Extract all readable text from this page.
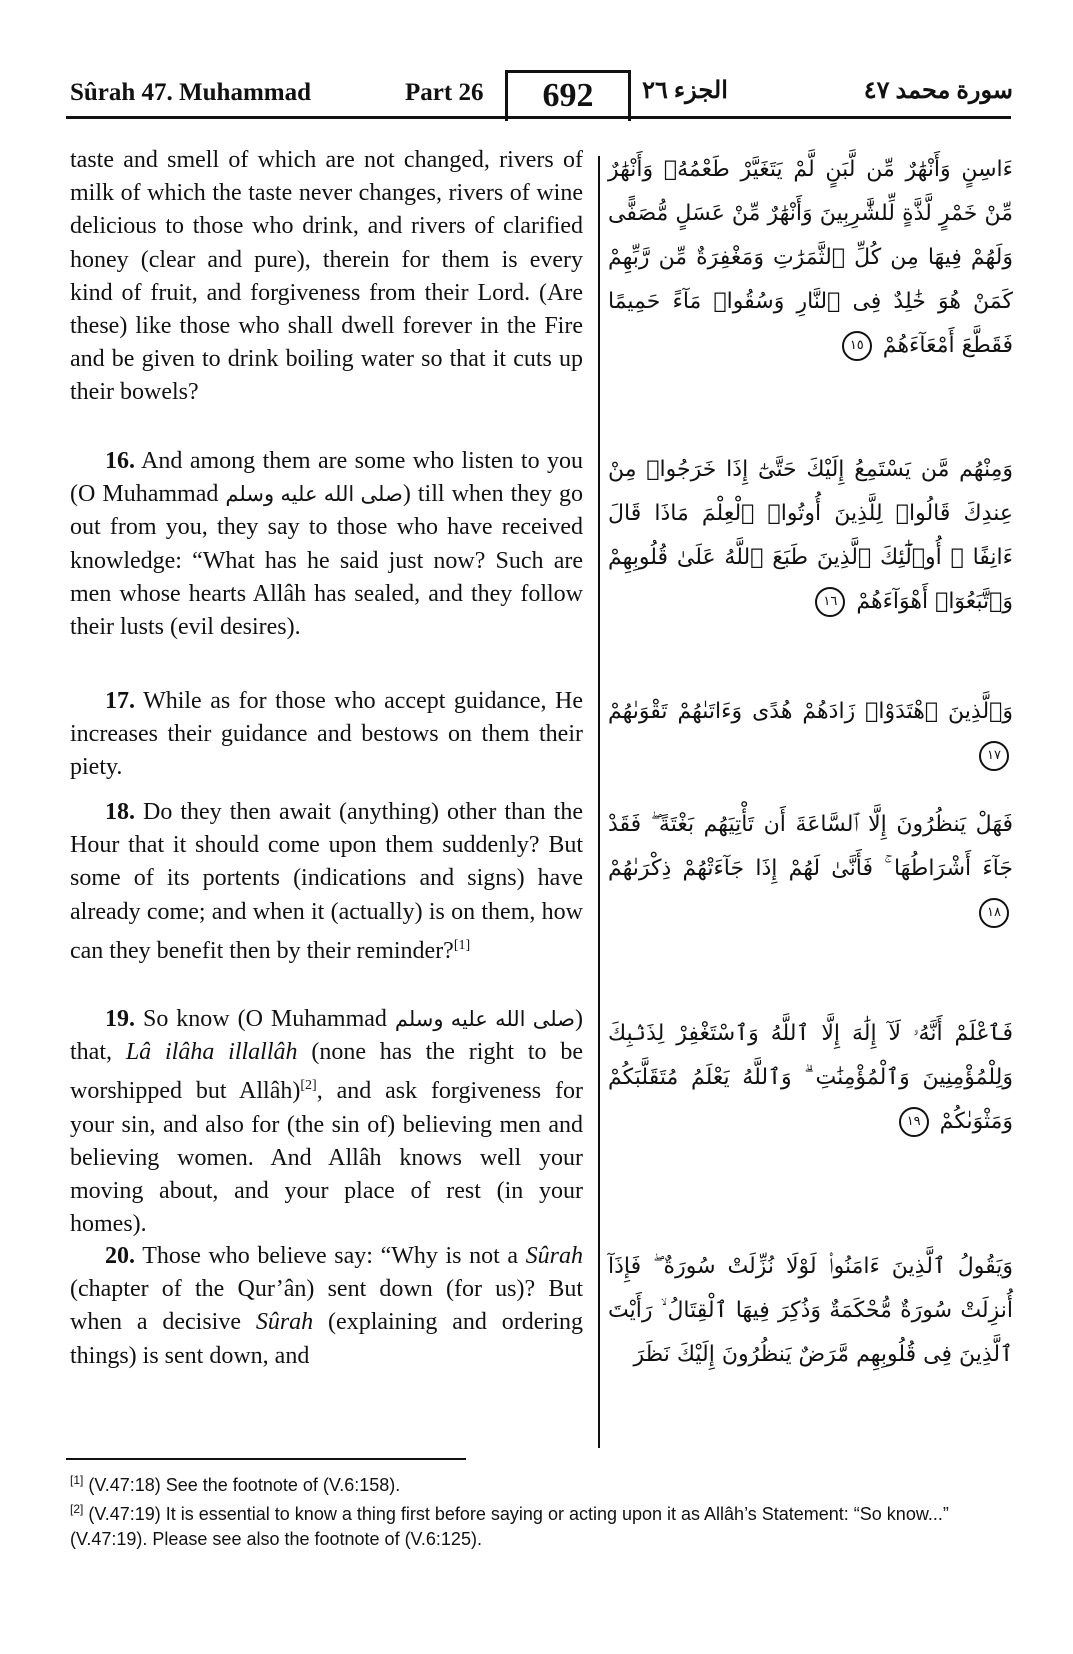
Sûrah 47. Muhammad	Part 26	692	الجزء ٢٦	سورة محمد ٤٧

taste and smell of which are not changed, rivers of milk of which the taste never changes, rivers of wine delicious to those who drink, and rivers of clarified honey (clear and pure), therein for them is every kind of fruit, and forgiveness from their Lord. (Are these) like those who shall dwell forever in the Fire and be given to drink boiling water so that it cuts up their bowels?

16. And among them are some who listen to you (O Muhammad صلى الله عليه وسلم) till when they go out from you, they say to those who have received knowledge: “What has he said just now? Such are men whose hearts Allâh has sealed, and they follow their lusts (evil desires).

17. While as for those who accept guidance, He increases their guidance and bestows on them their piety.

18. Do they then await (anything) other than the Hour that it should come upon them suddenly? But some of its portents (indications and signs) have already come; and when it (actually) is on them, how can they benefit then by their reminder?[1]

19. So know (O Muhammad صلى الله عليه وسلم) that, Lâ ilâha illallâh (none has the right to be worshipped but Allâh)[2], and ask forgiveness for your sin, and also for (the sin of) believing men and believing women. And Allâh knows well your moving about, and your place of rest (in your homes).

20. Those who believe say: “Why is not a Sûrah (chapter of the Qur’ân) sent down (for us)? But when a decisive Sûrah (explaining and ordering things) is sent down, and

ءَاسِنٍ وَأَنْهَٰرٌ مِّن لَّبَنٍ لَّمْ يَتَغَيَّرْ طَعْمُهُۥ وَأَنْهَٰرٌ مِّنْ خَمْرٍ لَّذَّةٍ لِّلشَّٰرِبِينَ وَأَنْهَٰرٌ مِّنْ عَسَلٍ مُّصَفًّى وَلَهُمْ فِيهَا مِن كُلِّ ٱلثَّمَرَٰتِ وَمَغْفِرَةٌ مِّن رَّبِّهِمْ كَمَنْ هُوَ خَٰلِدٌ فِى ٱلنَّارِ وَسُقُوا۟ مَآءً حَمِيمًا فَقَطَّعَ أَمْعَآءَهُمْ ١٥

وَمِنْهُم مَّن يَسْتَمِعُ إِلَيْكَ حَتَّىٰٓ إِذَا خَرَجُوا۟ مِنْ عِندِكَ قَالُوا۟ لِلَّذِينَ أُوتُوا۟ ٱلْعِلْمَ مَاذَا قَالَ ءَانِفًا ۚ أُو۟لَٰٓئِكَ ٱلَّذِينَ طَبَعَ ٱللَّهُ عَلَىٰ قُلُوبِهِمْ وَٱتَّبَعُوٓا۟ أَهْوَآءَهُمْ ١٦

وَٱلَّذِينَ ٱهْتَدَوْا۟ زَادَهُمْ هُدًى وَءَاتَىٰهُمْ تَقْوَىٰهُمْ ١٧

فَهَلْ يَنظُرُونَ إِلَّا ٱلسَّاعَةَ أَن تَأْتِيَهُم بَغْتَةً ۖ فَقَدْ جَآءَ أَشْرَاطُهَا ۚ فَأَنَّىٰ لَهُمْ إِذَا جَآءَتْهُمْ ذِكْرَىٰهُمْ ١٨

فَٱعْلَمْ أَنَّهُۥ لَآ إِلَٰهَ إِلَّا ٱللَّهُ وَٱسْتَغْفِرْ لِذَنۢبِكَ وَلِلْمُؤْمِنِينَ وَٱلْمُؤْمِنَٰتِ ۗ وَٱللَّهُ يَعْلَمُ مُتَقَلَّبَكُمْ وَمَثْوَىٰكُمْ ١٩

وَيَقُولُ ٱلَّذِينَ ءَامَنُوا۟ لَوْلَا نُزِّلَتْ سُورَةٌ ۖ فَإِذَآ أُنزِلَتْ سُورَةٌ مُّحْكَمَةٌ وَذُكِرَ فِيهَا ٱلْقِتَالُ ۙ رَأَيْتَ ٱلَّذِينَ فِى قُلُوبِهِم مَّرَضٌ يَنظُرُونَ إِلَيْكَ نَظَرَ

[1] (V.47:18) See the footnote of (V.6:158).

[2] (V.47:19) It is essential to know a thing first before saying or acting upon it as Allâh’s Statement: “So know...” (V.47:19). Please see also the footnote of (V.6:125).
